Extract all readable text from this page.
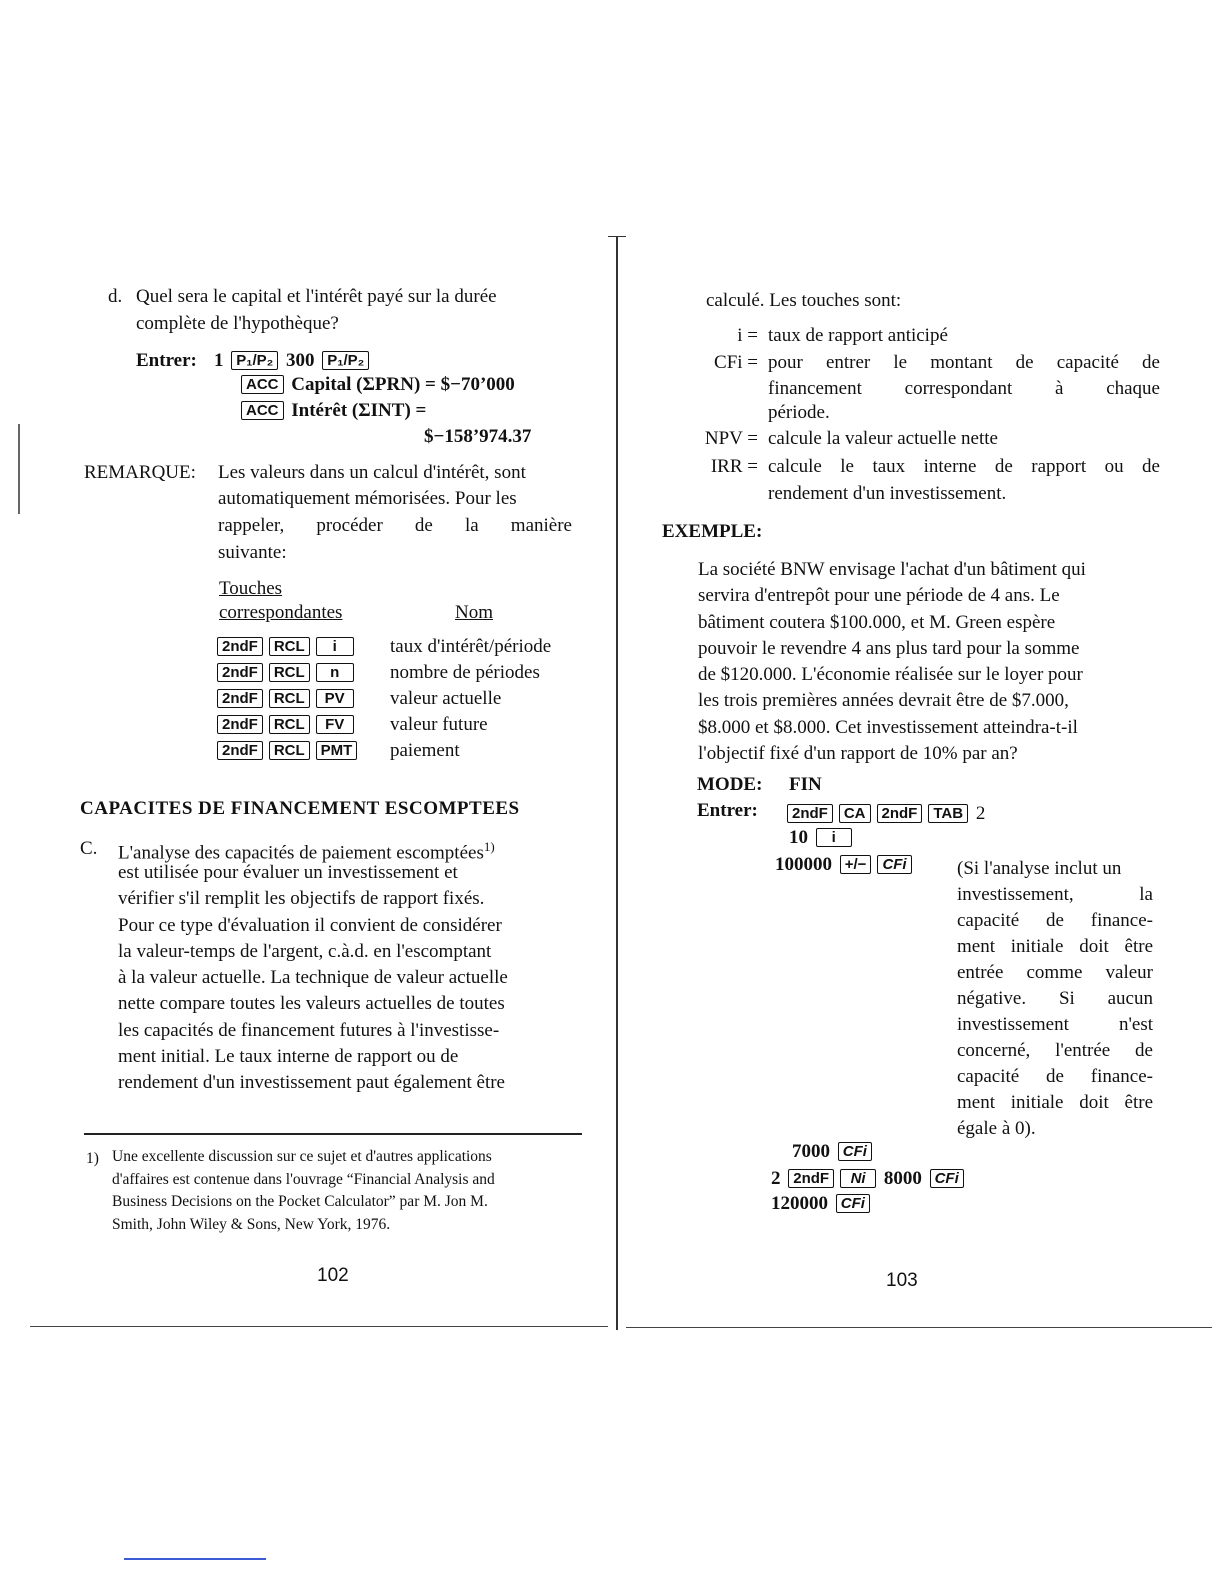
d. Quel sera le capital et l'intérêt payé sur la durée
complète de l'hypothèque?
Entrer: 1 P₁/P₂ 300 P₁/P₂
ACC Capital (ΣPRN) = $−70’000
ACC Intérêt (ΣINT) =
$−158’974.37
REMARQUE: Les valeurs dans un calcul d'intérêt, sont
automatiquement mémorisées. Pour les
rappeler, procéder de la manière
suivante:
Touches
correspondantes	Nom
2ndF RCL i	taux d'intérêt/période
2ndF RCL n	nombre de périodes
2ndF RCL PV	valeur actuelle
2ndF RCL FV	valeur future
2ndF RCL PMT	paiement
CAPACITES DE FINANCEMENT ESCOMPTEES
C. L'analyse des capacités de paiement escomptées$^{1)}$
est utilisée pour évaluer un investissement et
vérifier s'il remplit les objectifs de rapport fixés.
Pour ce type d'évaluation il convient de considérer
la valeur-temps de l'argent, c.à.d. en l'escomptant
à la valeur actuelle. La technique de valeur actuelle
nette compare toutes les valeurs actuelles de toutes
les capacités de financement futures à l'investisse-
ment initial. Le taux interne de rapport ou de
rendement d'un investissement paut également être
1) Une excellente discussion sur ce sujet et d'autres applications
d'affaires est contenue dans l'ouvrage “Financial Analysis and
Business Decisions on the Pocket Calculator” par M. Jon M.
Smith, John Wiley & Sons, New York, 1976.
102
calculé. Les touches sont:
i = taux de rapport anticipé
CFi = pour entrer le montant de capacité de
financement correspondant à chaque
période.
NPV = calcule la valeur actuelle nette
IRR = calcule le taux interne de rapport ou de
rendement d'un investissement.
EXEMPLE:
La société BNW envisage l'achat d'un bâtiment qui
servira d'entrepôt pour une période de 4 ans. Le
bâtiment coutera $100.000, et M. Green espère
pouvoir le revendre 4 ans plus tard pour la somme
de $120.000. L'économie réalisée sur le loyer pour
les trois premières années devrait être de $7.000,
$8.000 et $8.000. Cet investissement atteindra-t-il
l'objectif fixé d'un rapport de 10% par an?
MODE: FIN
Entrer:	2ndF CA 2ndF TAB 2
10 i
100000 +/− CFi	(Si l'analyse inclut un
investissement, la
capacité de finance-
ment initiale doit être
entrée comme valeur
négative. Si aucun
investissement n'est
concerné, l'entrée de
capacité de finance-
ment initiale doit être
égale à 0).
7000 CFi
2 2ndF Ni 8000 CFi
120000 CFi
103
